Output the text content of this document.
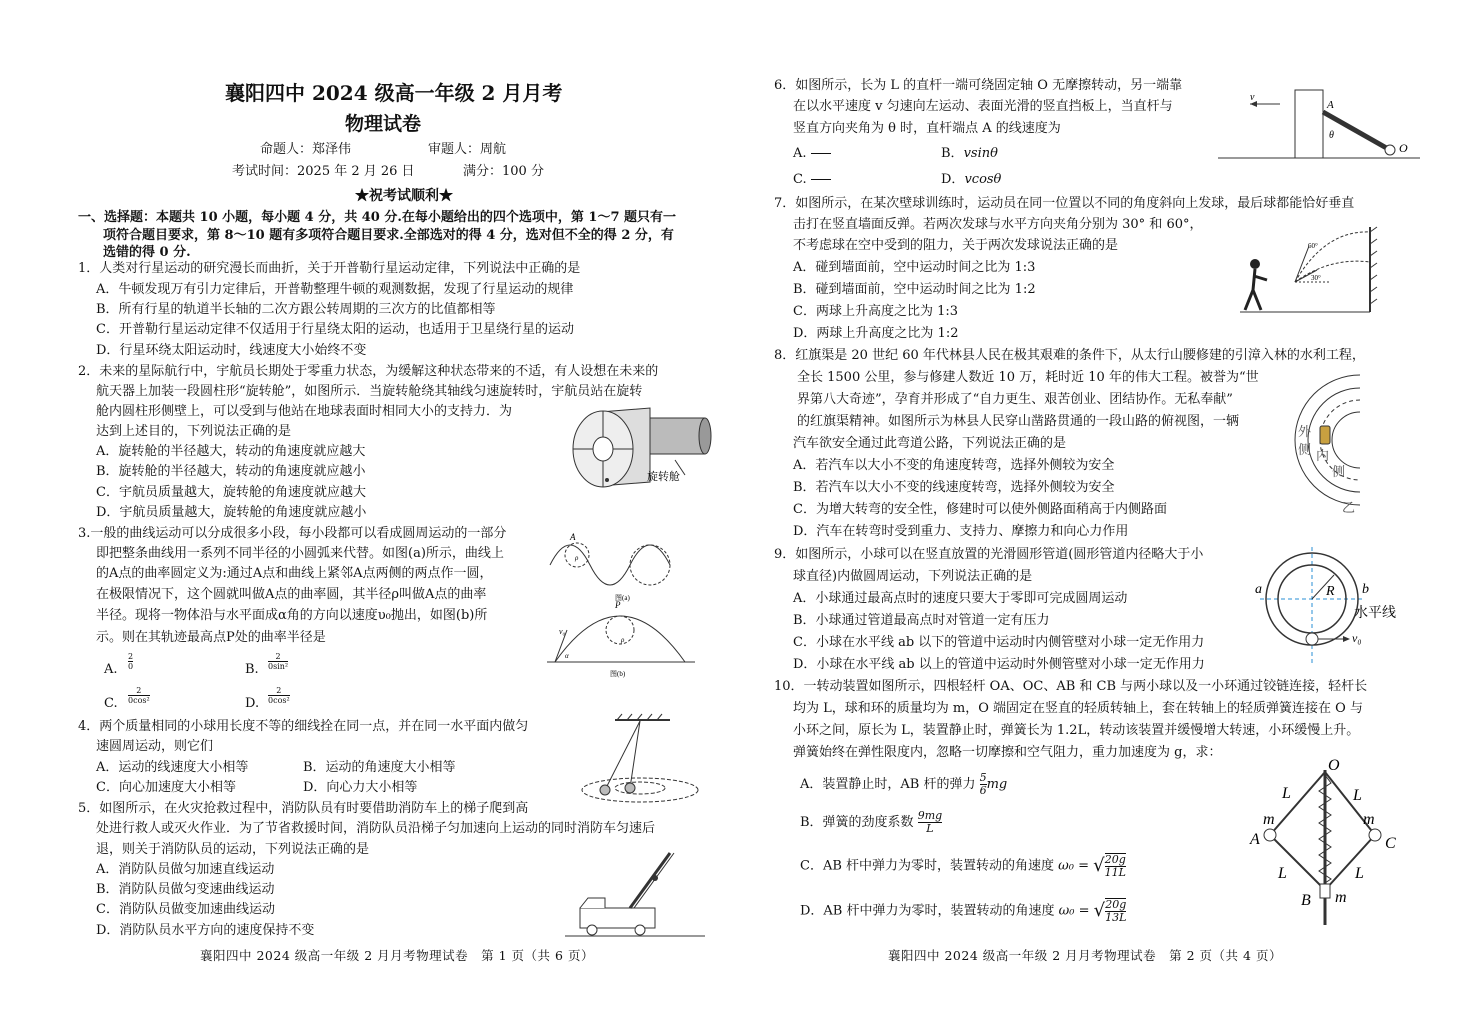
襄阳四中 2024 级高一年级 2 月月考
物理试卷
命题人：郑泽伟	审题人：周航
考试时间：2025 年 2 月 26 日	满分：100 分
★祝考试顺利★
一、选择题：本题共 10 小题，每小题 4 分，共 40 分.在每小题给出的四个选项中，第 1～7 题只有一
项符合题目要求，第 8～10 题有多项符合题目要求.全部选对的得 4 分，选对但不全的得 2 分，有
选错的得 0 分.
1．人类对行星运动的研究漫长而曲折，关于开普勒行星运动定律，下列说法中正确的是
A．牛顿发现万有引力定律后，开普勒整理牛顿的观测数据，发现了行星运动的规律
B．所有行星的轨道半长轴的二次方跟公转周期的三次方的比值都相等
C．开普勒行星运动定律不仅适用于行星绕太阳的运动，也适用于卫星绕行星的运动
D．行星环绕太阳运动时，线速度大小始终不变
2．未来的星际航行中，宇航员长期处于零重力状态，为缓解这种状态带来的不适，有人设想在未来的
航天器上加装一段圆柱形“旋转舱”，如图所示．当旋转舱绕其轴线匀速旋转时，宇航员站在旋转
舱内圆柱形侧壁上，可以受到与他站在地球表面时相同大小的支持力．为
达到上述目的，下列说法正确的是
A．旋转舱的半径越大，转动的角速度就应越大
B．旋转舱的半径越大，转动的角速度就应越小
C．宇航员质量越大，旋转舱的角速度就应越大
D．宇航员质量越大，旋转舱的角速度就应越小
旋转舱
3.一般的曲线运动可以分成很多小段，每小段都可以看成圆周运动的一部分
即把整条曲线用一系列不同半径的小圆弧来代替。如图(a)所示，曲线上
的A点的曲率圆定义为:通过A点和曲线上紧邻A点两侧的两点作一圆，
在极限情况下，这个圆就叫做A点的曲率圆，其半径ρ叫做A点的曲率
半径。现将一物体沿与水平面成α角的方向以速度υ₀抛出，如图(b)所
示。则在其轨迹最高点P处的曲率半径是
A.
2
0	B.
2
0sin²
C.
2
0cos²	D.
2
0cos²
A
ρ
图(a)
P
ρ
v₀
α
图(b)
4．两个质量相同的小球用长度不等的细线拴在同一点，并在同一水平面内做匀
速圆周运动，则它们
A．运动的线速度大小相等	B．运动的角速度大小相等
C．向心加速度大小相等	D．向心力大小相等
5．如图所示，在火灾抢救过程中，消防队员有时要借助消防车上的梯子爬到高
处进行救人或灭火作业．为了节省救援时间，消防队员沿梯子匀加速向上运动的同时消防车匀速后
退，则关于消防队员的运动，下列说法正确的是
A．消防队员做匀加速直线运动
B．消防队员做匀变速曲线运动
C．消防队员做变加速曲线运动
D．消防队员水平方向的速度保持不变
襄阳四中 2024 级高一年级 2 月月考物理试卷　第 1 页（共 6 页）
6．如图所示，长为 L 的直杆一端可绕固定轴 O 无摩擦转动，另一端靠
在以水平速度 v 匀速向左运动、表面光滑的竖直挡板上，当直杆与
竖直方向夹角为 θ 时，直杆端点 A 的线速度为
A.	B．vsinθ
C.	D．vcosθ
v
A
θ
O
7．如图所示，在某次壁球训练时，运动员在同一位置以不同的角度斜向上发球，最后球都能恰好垂直
击打在竖直墙面反弹。若两次发球与水平方向夹角分别为 30° 和 60°，
不考虑球在空中受到的阻力，关于两次发球说法正确的是
A．碰到墙面前，空中运动时间之比为 1:3
B．碰到墙面前，空中运动时间之比为 1:2
C．两球上升高度之比为 1:3
D．两球上升高度之比为 1:2
60°
30°
8．红旗渠是 20 世纪 60 年代林县人民在极其艰难的条件下，从太行山腰修建的引漳入林的水利工程，
全长 1500 公里，参与修建人数近 10 万，耗时近 10 年的伟大工程。被誉为“世
界第八大奇迹”，孕育并形成了“自力更生、艰苦创业、团结协作。无私奉献”
的红旗渠精神。如图所示为林县人民穿山凿路贯通的一段山路的俯视图，一辆
汽车欲安全通过此弯道公路，下列说法正确的是
A．若汽车以大小不变的角速度转弯，选择外侧较为安全
B．若汽车以大小不变的线速度转弯，选择外侧较为安全
C．为增大转弯的安全性，修建时可以使外侧路面稍高于内侧路面
D．汽车在转弯时受到重力、支持力、摩擦力和向心力作用
外
侧 内
侧
乙
9．如图所示，小球可以在竖直放置的光滑圆形管道(圆形管道内径略大于小
球直径)内做圆周运动，下列说法正确的是
A．小球通过最高点时的速度只要大于零即可完成圆周运动
B．小球通过管道最高点时对管道一定有压力
C．小球在水平线 ab 以下的管道中运动时内侧管壁对小球一定无作用力
D．小球在水平线 ab 以上的管道中运动时外侧管壁对小球一定无作用力
R
a	b
水平线
v₀
10．一转动装置如图所示，四根轻杆 OA、OC、AB 和 CB 与两小球以及一小环通过铰链连接，轻杆长
均为 L，球和环的质量均为 m，O 端固定在竖直的轻质转轴上，套在转轴上的轻质弹簧连接在 O 与
小环之间，原长为 L，装置静止时，弹簧长为 1.2L，转动该装置并缓慢增大转速，小环缓慢上升。
弹簧始终在弹性限度内，忽略一切摩擦和空气阻力，重力加速度为 g，求：
A．装置静止时，AB 杆的弹力 $\frac{5}{6}$ mg
B．弹簧的劲度系数 $\frac{9mg}{L}$
C．AB 杆中弹力为零时，装置转动的角速度 ω₀ = √ $\frac{20g}{11L}$
D．AB 杆中弹力为零时，装置转动的角速度 ω₀ = √ $\frac{20g}{13L}$
O
L	L
L	L
m	m
A	C
B m
襄阳四中 2024 级高一年级 2 月月考物理试卷　第 2 页（共 4 页）
